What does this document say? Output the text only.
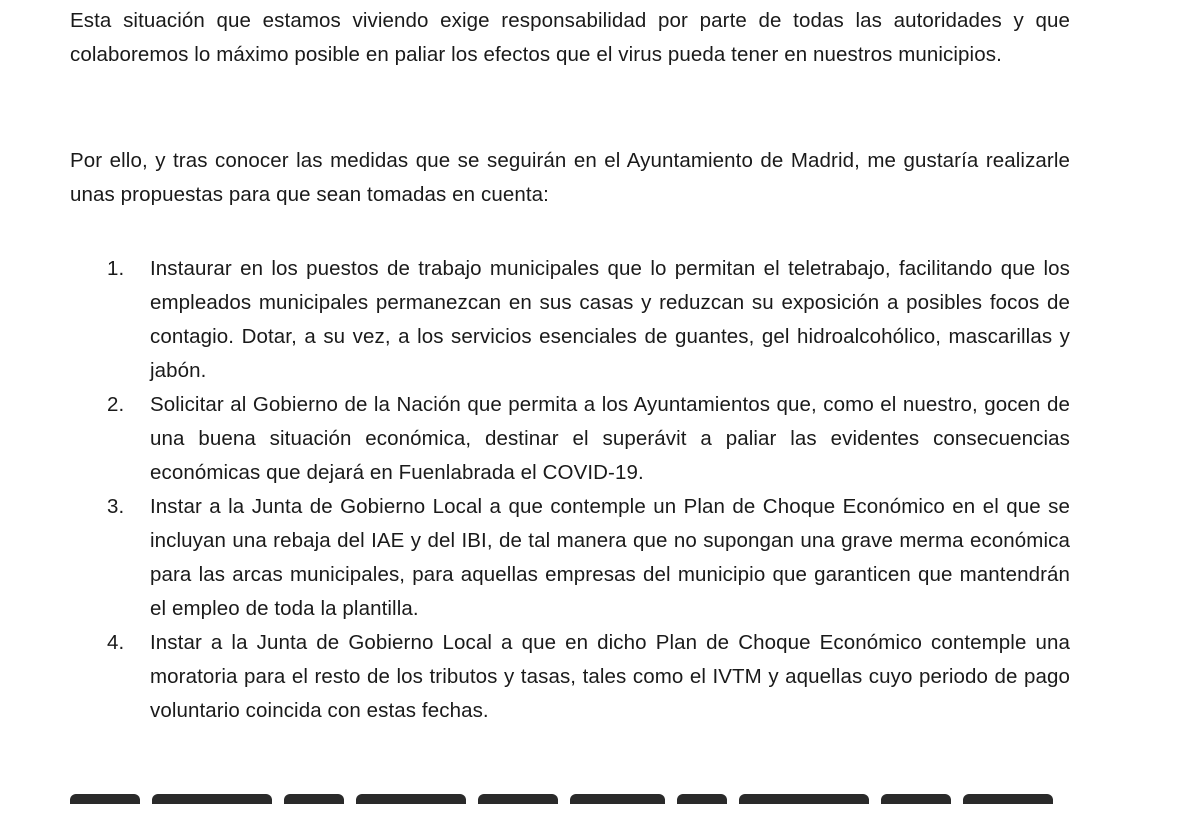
Esta situación que estamos viviendo exige responsabilidad por parte de todas las autoridades y que colaboremos lo máximo posible en paliar los efectos que el virus pueda tener en nuestros municipios.

Por ello, y tras conocer las medidas que se seguirán en el Ayuntamiento de Madrid, me gustaría realizarle unas propuestas para que sean tomadas en cuenta:

1. Instaurar en los puestos de trabajo municipales que lo permitan el teletrabajo, facilitando que los empleados municipales permanezcan en sus casas y reduzcan su exposición a posibles focos de contagio. Dotar, a su vez, a los servicios esenciales de guantes, gel hidroalcohólico, mascarillas y jabón.
2. Solicitar al Gobierno de la Nación que permita a los Ayuntamientos que, como el nuestro, gocen de una buena situación económica, destinar el superávit a paliar las evidentes consecuencias económicas que dejará en Fuenlabrada el COVID-19.
3. Instar a la Junta de Gobierno Local a que contemple un Plan de Choque Económico en el que se incluyan una rebaja del IAE y del IBI, de tal manera que no supongan una grave merma económica para las arcas municipales, para aquellas empresas del municipio que garanticen que mantendrán el empleo de toda la plantilla.
4. Instar a la Junta de Gobierno Local a que en dicho Plan de Choque Económico contemple una moratoria para el resto de los tributos y tasas, tales como el IVTM y aquellas cuyo periodo de pago voluntario coincida con estas fechas.
